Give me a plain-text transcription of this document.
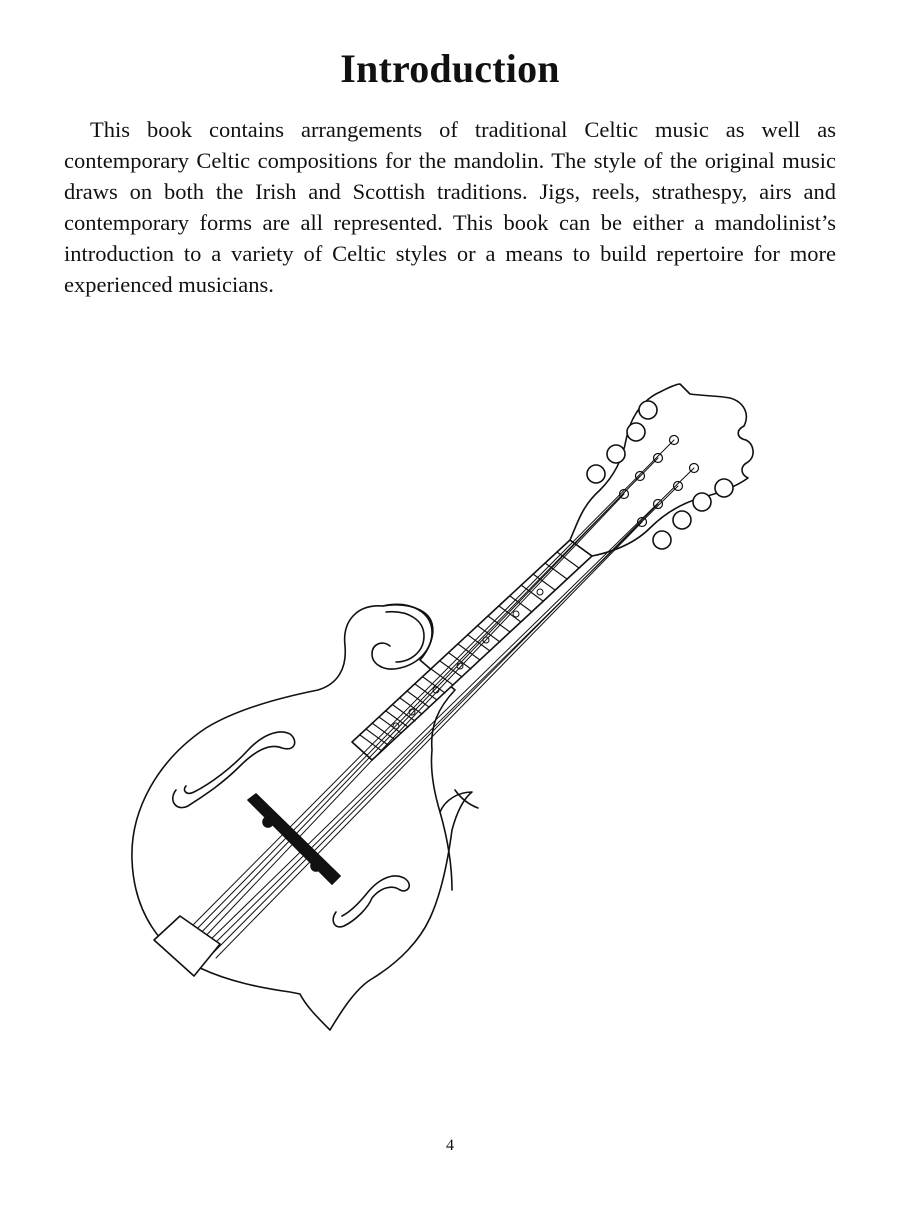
Introduction

This book contains arrangements of traditional Celtic music as well as contemporary Celtic compositions for the mandolin. The style of the original music draws on both the Irish and Scottish traditions. Jigs, reels, strathespy, airs and contemporary forms are all represented. This book can be either a mandolinist’s introduction to a variety of Celtic styles or a means to build repertoire for more experienced musicians.

4
